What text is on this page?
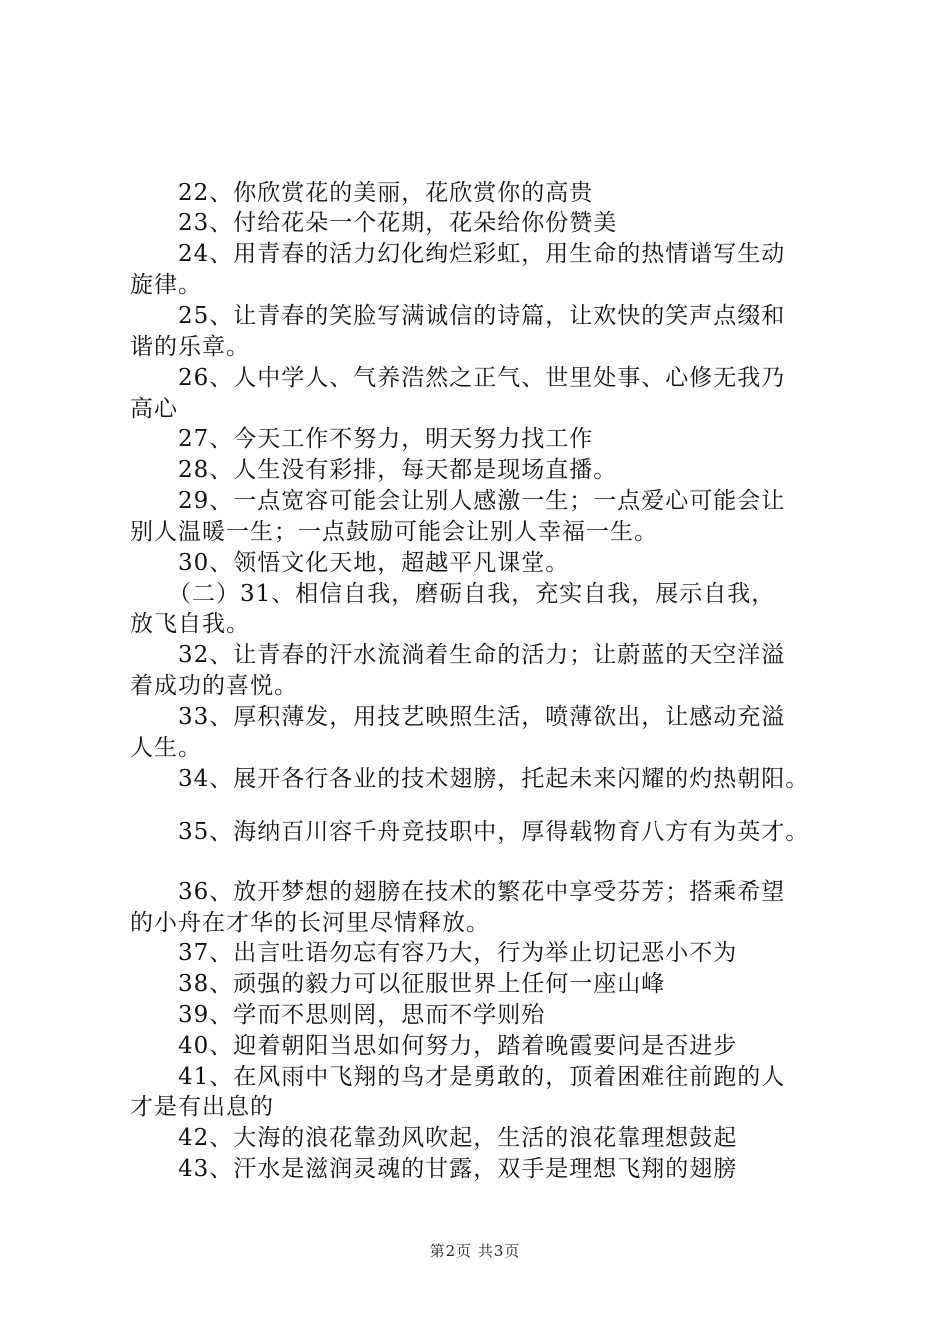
22、你欣赏花的美丽，花欣赏你的高贵
23、付给花朵一个花期，花朵给你份赞美
24、用青春的活力幻化绚烂彩虹，用生命的热情谱写生动
旋律。
25、让青春的笑脸写满诚信的诗篇，让欢快的笑声点缀和
谐的乐章。
26、人中学人、气养浩然之正气、世里处事、心修无我乃
高心
27、今天工作不努力，明天努力找工作
28、人生没有彩排，每天都是现场直播。
29、一点宽容可能会让别人感激一生；一点爱心可能会让
别人温暖一生；一点鼓励可能会让别人幸福一生。
30、领悟文化天地，超越平凡课堂。
（二）31、相信自我，磨砺自我，充实自我，展示自我，
放飞自我。
32、让青春的汗水流淌着生命的活力；让蔚蓝的天空洋溢
着成功的喜悦。
33、厚积薄发，用技艺映照生活，喷薄欲出，让感动充溢
人生。
34、展开各行各业的技术翅膀，托起未来闪耀的灼热朝阳。
35、海纳百川容千舟竞技职中，厚得载物育八方有为英才。
36、放开梦想的翅膀在技术的繁花中享受芬芳；搭乘希望
的小舟在才华的长河里尽情释放。
37、出言吐语勿忘有容乃大，行为举止切记恶小不为
38、顽强的毅力可以征服世界上任何一座山峰
39、学而不思则罔，思而不学则殆
40、迎着朝阳当思如何努力，踏着晚霞要问是否进步
41、在风雨中飞翔的鸟才是勇敢的，顶着困难往前跑的人
才是有出息的
42、大海的浪花靠劲风吹起，生活的浪花靠理想鼓起
43、汗水是滋润灵魂的甘露，双手是理想飞翔的翅膀
第2页 共3页
